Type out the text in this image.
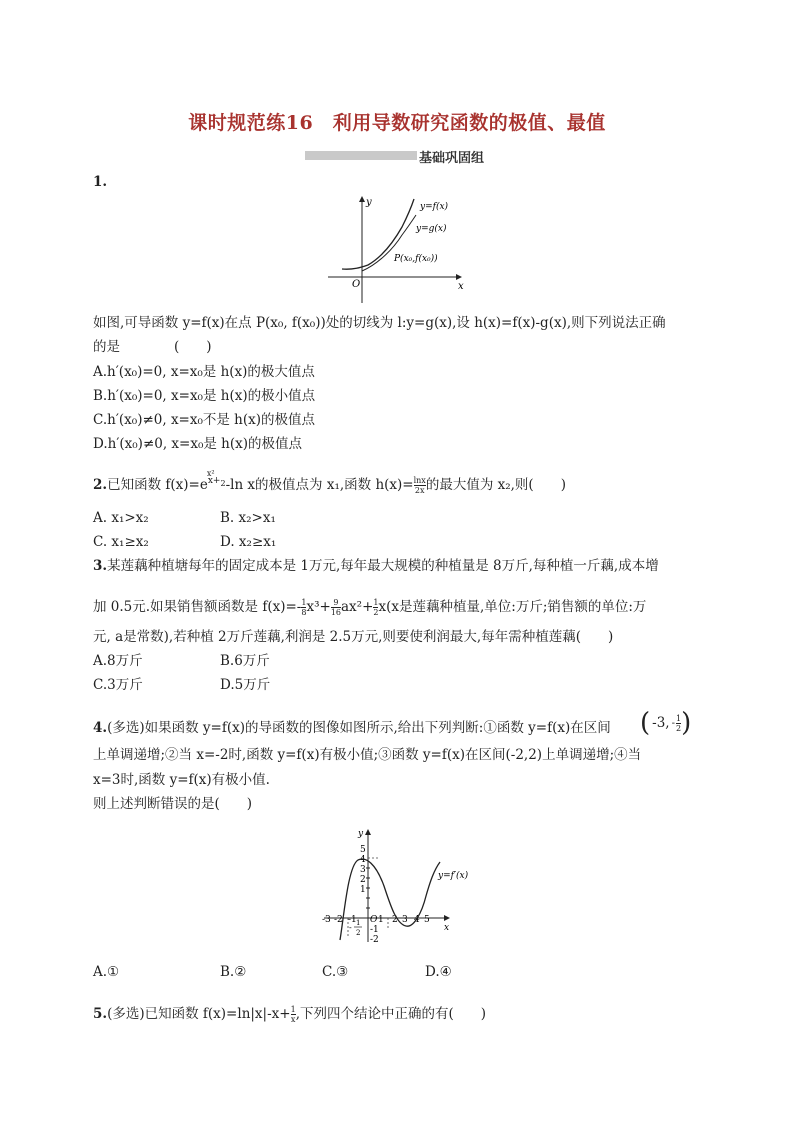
课时规范练16　利用导数研究函数的极值、最值
基础巩固组
1.
x
y
O
y=f(x)
y=g(x)
P(x₀,f(x₀))
如图,可导函数 y=f(x)在点 P(x₀, f(x₀))处的切线为 l:y=g(x),设 h(x)=f(x)-g(x),则下列说法正确
的是　　　　(　　)
A.h′(x₀)=0, x=x₀是 h(x)的极大值点
B.h′(x₀)=0, x=x₀是 h(x)的极小值点
C.h′(x₀)≠0, x=x₀不是 h(x)的极值点
D.h′(x₀)≠0, x=x₀是 h(x)的极值点
2.已知函数 f(x)=e
x²
$^{x+2}$-ln x的极值点为 x₁,函数 $h(x)= \frac{\ln x}{2x}$ 的最大值为 x₂,则(　　)
A. x₁>x₂	B. x₂>x₁
C. x₁≥x₂	D. x₂≥x₁
3.某莲藕种植塘每年的固定成本是 1万元,每年最大规模的种植量是 8万斤,每种植一斤藕,成本增
加 0.5元.如果销售额函数是 $f(x)=- \frac{1}{8} x^3+ \frac{9}{16} ax^2+ \frac{1}{2} x(x$是莲藕种植量,单位:万斤;销售额的单位:万
元, a是常数),若种植 2万斤莲藕,利润是 2.5万元,则要使利润最大,每年需种植莲藕(　　)
A.8万斤	B.6万斤
C.3万斤	D.5万斤
4.(多选)如果函数 y=f(x)的导函数的图像如图所示,给出下列判断:①函数 y=f(x)在区间 ( -3, - 1
2 )
上单调递增;②当 x=-2时,函数 y=f(x)有极小值;③函数 y=f(x)在区间(-2,2)上单调递增;④当
x=3时,函数 y=f(x)有极小值.
则上述判断错误的是(　　)
5
4
3
2
1
-1
-2
y
x
-3 -2 -1 O 1 2 3 4 5
1
2
-
y=f′(x)
A.①	B.②	C.③	D.④
5.(多选)已知函数 $f(x)=\ln|x|-x+ \frac{1}{x}$ ,下列四个结论中正确的有(　　)
